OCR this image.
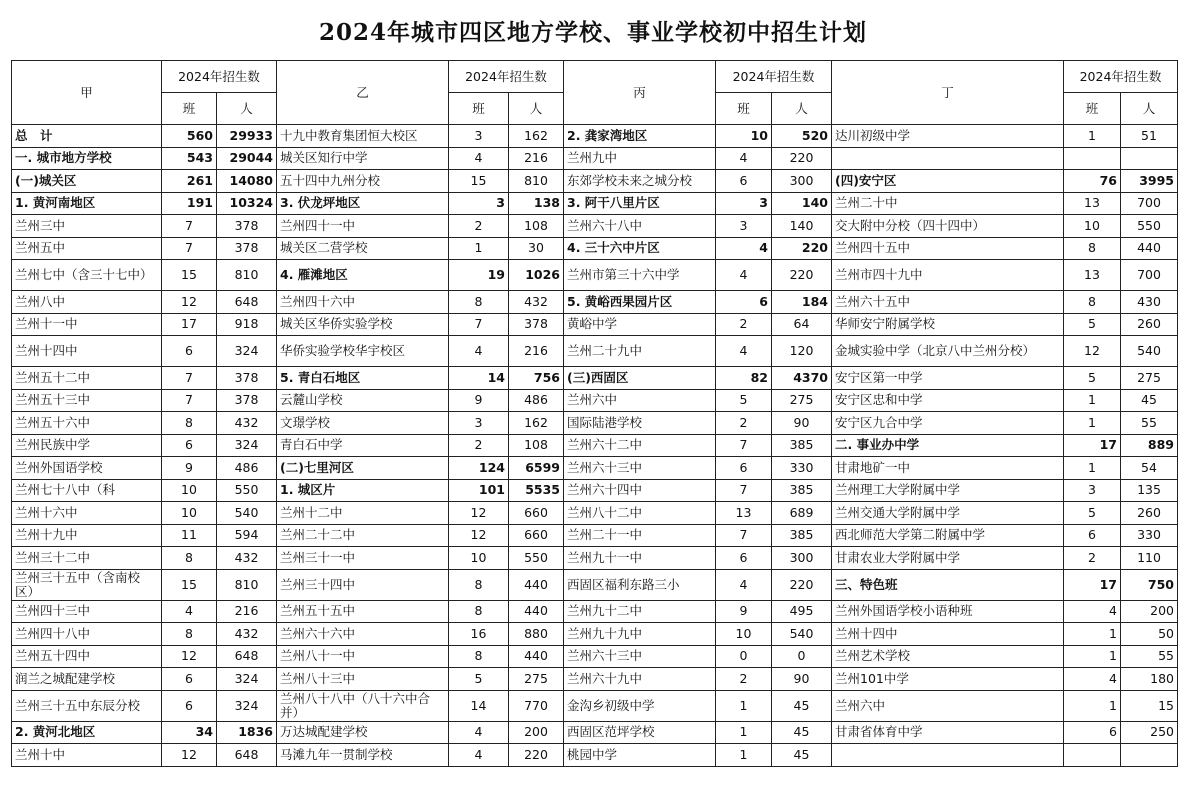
2024年城市四区地方学校、事业学校初中招生计划
甲	2024年招生数		乙	2024年招生数		丙	2024年招生数		丁	2024年招生数	
	班	人		班	人		班	人		班	人
总　计	560	29933	十九中教育集团恒大校区	3	162	2. 龚家湾地区	10	520	达川初级中学	1	51
一. 城市地方学校	543	29044	城关区知行中学	4	216	兰州九中	4	220			
(一)城关区	261	14080	五十四中九州分校	15	810	东郊学校未来之城分校	6	300	(四)安宁区	76	3995
1. 黄河南地区	191	10324	3. 伏龙坪地区	3	138	3. 阿干八里片区	3	140	兰州二十中	13	700
兰州三中	7	378	兰州四十一中	2	108	兰州六十八中	3	140	交大附中分校（四十四中）	10	550
兰州五中	7	378	城关区二营学校	1	30	4. 三十六中片区	4	220	兰州四十五中	8	440
兰州七中（含三十七中）	15	810	4. 雁滩地区	19	1026	兰州市第三十六中学	4	220	兰州市四十九中	13	700
兰州八中	12	648	兰州四十六中	8	432	5. 黄峪西果园片区	6	184	兰州六十五中	8	430
兰州十一中	17	918	城关区华侨实验学校	7	378	黄峪中学	2	64	华师安宁附属学校	5	260
兰州十四中	6	324	华侨实验学校华宇校区	4	216	兰州二十九中	4	120	金城实验中学（北京八中兰州分校）	12	540
兰州五十二中	7	378	5. 青白石地区	14	756	(三)西固区	82	4370	安宁区第一中学	5	275
兰州五十三中	7	378	云麓山学校	9	486	兰州六中	5	275	安宁区忠和中学	1	45
兰州五十六中	8	432	文璟学校	3	162	国际陆港学校	2	90	安宁区九合中学	1	55
兰州民族中学	6	324	青白石中学	2	108	兰州六十二中	7	385	二. 事业办中学	17	889
兰州外国语学校	9	486	(二)七里河区	124	6599	兰州六十三中	6	330	甘肃地矿一中	1	54
兰州七十八中（科	10	550	1. 城区片	101	5535	兰州六十四中	7	385	兰州理工大学附属中学	3	135
兰州十六中	10	540	兰州十二中	12	660	兰州八十二中	13	689	兰州交通大学附属中学	5	260
兰州十九中	11	594	兰州二十二中	12	660	兰州二十一中	7	385	西北师范大学第二附属中学	6	330
兰州三十二中	8	432	兰州三十一中	10	550	兰州九十一中	6	300	甘肃农业大学附属中学	2	110
兰州三十五中（含南校区）	15	810	兰州三十四中	8	440	西固区福利东路三小	4	220	三、特色班	17	750
兰州四十三中	4	216	兰州五十五中	8	440	兰州九十二中	9	495	兰州外国语学校小语种班	4	200
兰州四十八中	8	432	兰州六十六中	16	880	兰州九十九中	10	540	兰州十四中	1	50
兰州五十四中	12	648	兰州八十一中	8	440	兰州六十三中	0	0	兰州艺术学校	1	55
润兰之城配建学校	6	324	兰州八十三中	5	275	兰州六十九中	2	90	兰州101中学	4	180
兰州三十五中东辰分校	6	324	兰州八十八中（八十六中合并）	14	770	金沟乡初级中学	1	45	兰州六中	1	15
2. 黄河北地区	34	1836	万达城配建学校	4	200	西固区范坪学校	1	45	甘肃省体育中学	6	250
兰州十中	12	648	马滩九年一贯制学校	4	220	桃园中学	1	45			
